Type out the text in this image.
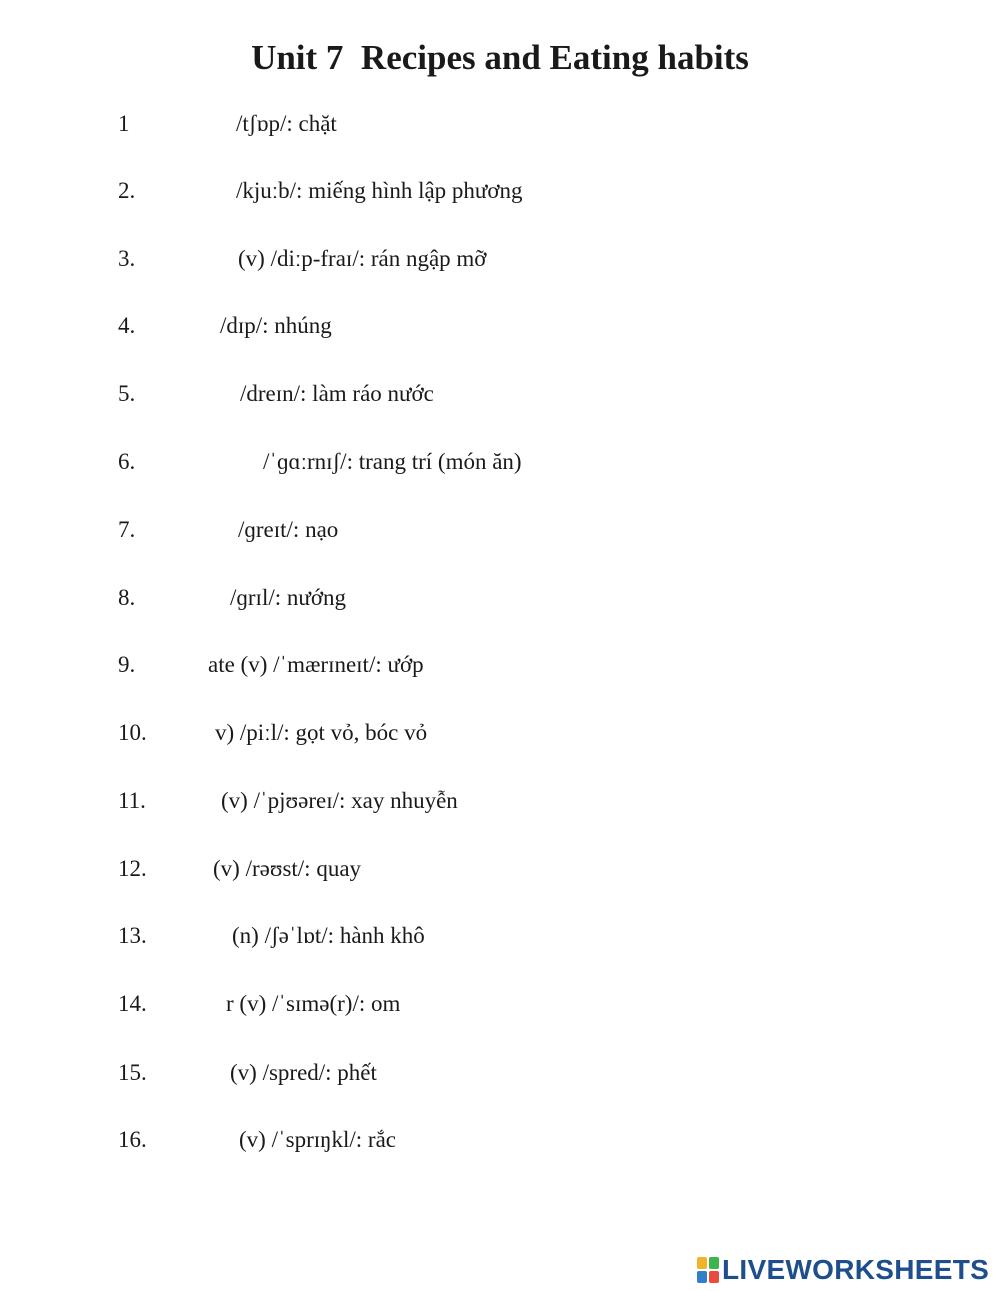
Unit 7  Recipes and Eating habits
1	/tʃɒp/: chặt
2.	/kjuːb/: miếng hình lập phương
3.	(v) /diːp-fraɪ/: rán ngập mỡ
4.	/dɪp/: nhúng
5.	/dreɪn/: làm ráo nước
6.	/ˈɡɑːrnɪʃ/: trang trí (món ăn)
7.	/ɡreɪt/: nạo
8.	/ɡrɪl/: nướng
9.	ate (v) /ˈmærɪneɪt/: ướp
10.	v) /piːl/: gọt vỏ, bóc vỏ
11.	(v) /ˈpjʊəreɪ/: xay nhuyễn
12.	(v) /rəʊst/: quay
13.	(n) /ʃəˈlɒt/: hành khô
14.	r (v) /ˈsɪmə(r)/: om
15.	(v) /spred/: phết
16.	(v) /ˈsprɪŋkl/: rắc
LIVEWORKSHEETS
